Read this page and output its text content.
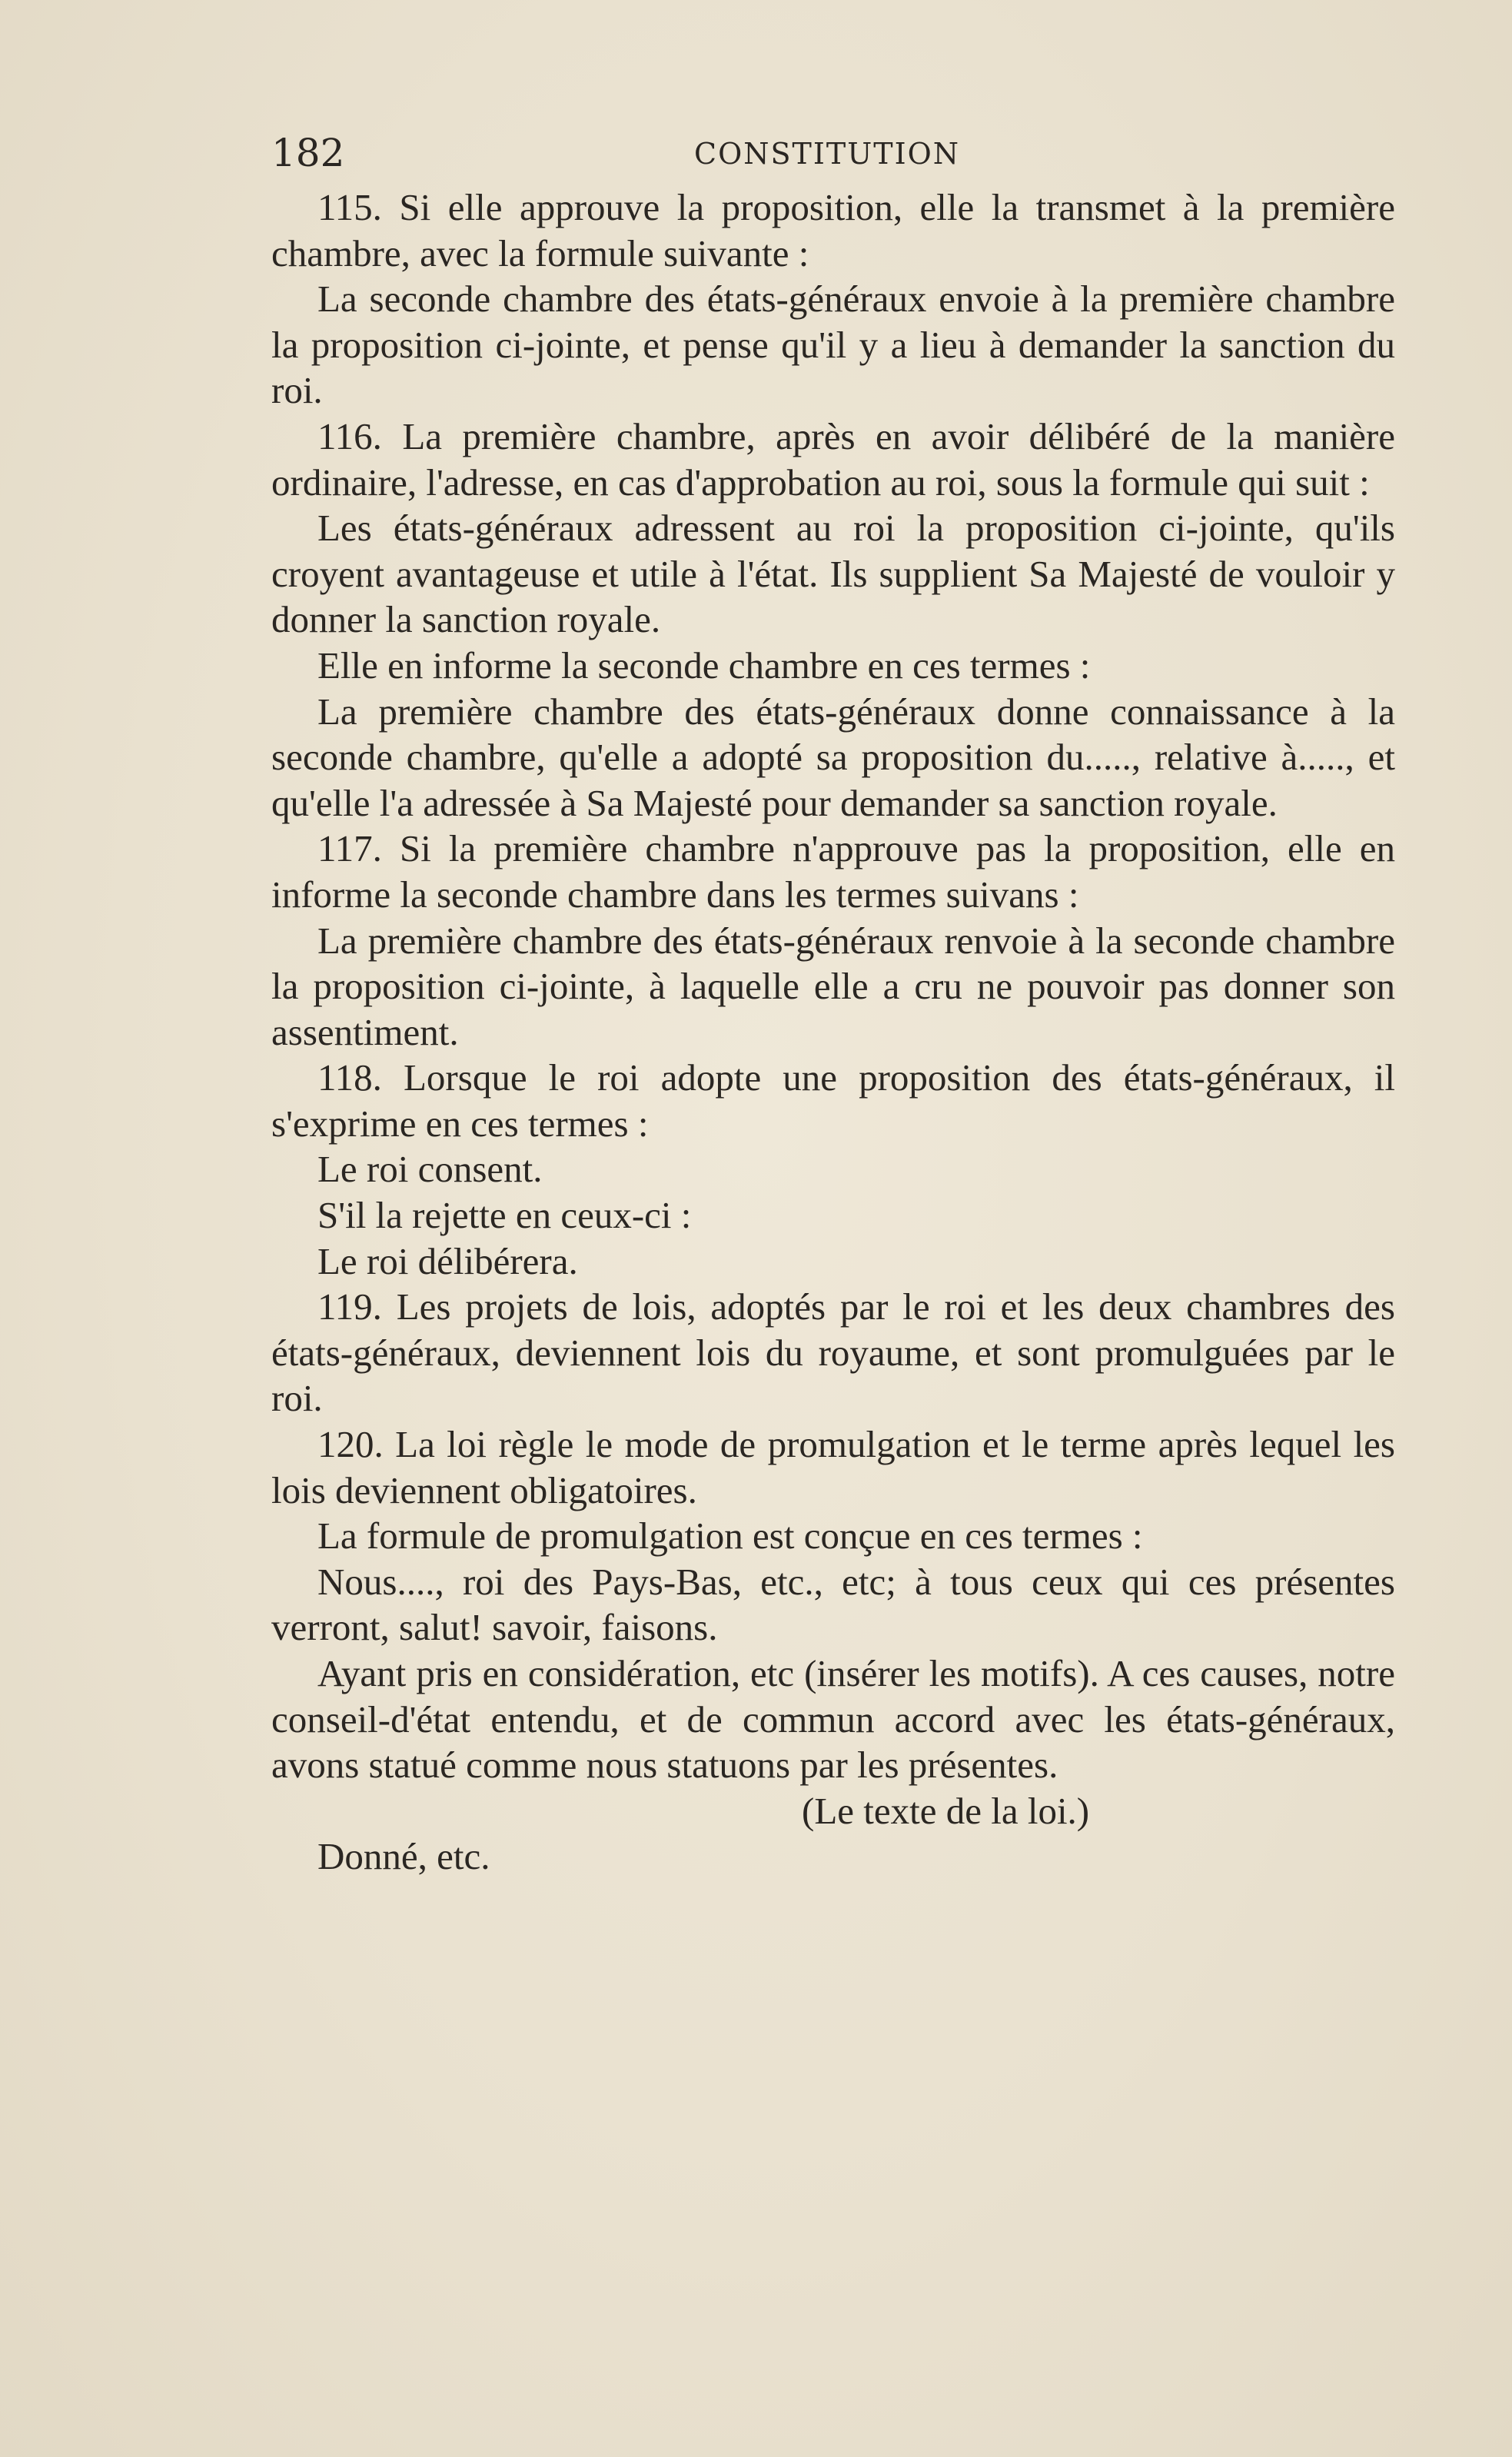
182	CONSTITUTION

115. Si elle approuve la proposition, elle la transmet à la première chambre, avec la formule suivante :

La seconde chambre des états-généraux envoie à la première chambre la proposition ci-jointe, et pense qu'il y a lieu à demander la sanction du roi.

116. La première chambre, après en avoir délibéré de la manière ordinaire, l'adresse, en cas d'approbation au roi, sous la formule qui suit :

Les états-généraux adressent au roi la proposition ci-jointe, qu'ils croyent avantageuse et utile à l'état. Ils supplient Sa Majesté de vouloir y donner la sanction royale.

Elle en informe la seconde chambre en ces termes :

La première chambre des états-généraux donne connaissance à la seconde chambre, qu'elle a adopté sa proposition du....., relative à....., et qu'elle l'a adressée à Sa Majesté pour demander sa sanction royale.

117. Si la première chambre n'approuve pas la proposition, elle en informe la seconde chambre dans les termes suivans :

La première chambre des états-généraux renvoie à la seconde chambre la proposition ci-jointe, à laquelle elle a cru ne pouvoir pas donner son assentiment.

118. Lorsque le roi adopte une proposition des états-généraux, il s'exprime en ces termes :

Le roi consent.

S'il la rejette en ceux-ci :

Le roi délibérera.

119. Les projets de lois, adoptés par le roi et les deux chambres des états-généraux, deviennent lois du royaume, et sont promulguées par le roi.

120. La loi règle le mode de promulgation et le terme après lequel les lois deviennent obligatoires.

La formule de promulgation est conçue en ces termes :

Nous...., roi des Pays-Bas, etc., etc; à tous ceux qui ces présentes verront, salut! savoir, faisons.

Ayant pris en considération, etc (insérer les motifs). A ces causes, notre conseil-d'état entendu, et de commun accord avec les états-généraux, avons statué comme nous statuons par les présentes.

(Le texte de la loi.)

Donné, etc.
